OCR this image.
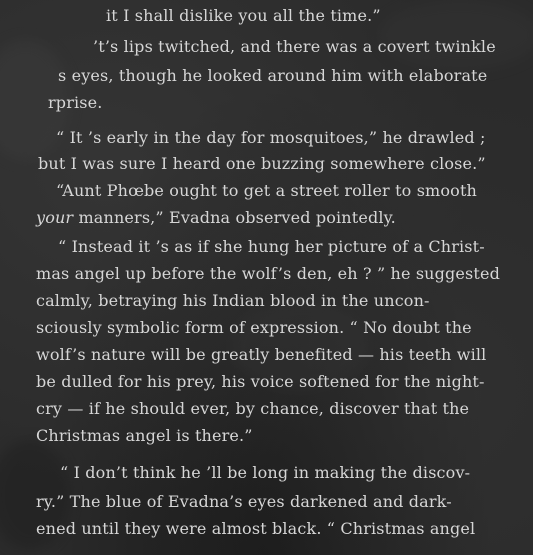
it I shall dislike you all the time.”
’t’s lips twitched, and there was a covert twinkle
s eyes, though he looked around him with elaborate
rprise.
“ It ’s early in the day for mosquitoes,” he drawled ;
but I was sure I heard one buzzing somewhere close.”
“Aunt Phœbe ought to get a street roller to smooth
your manners,” Evadna observed pointedly.
“ Instead it ’s as if she hung her picture of a Christ-
mas angel up before the wolf’s den, eh ? ” he suggested
calmly, betraying his Indian blood in the uncon-
sciously symbolic form of expression. “ No doubt the
wolf’s nature will be greatly benefited — his teeth will
be dulled for his prey, his voice softened for the night-
cry — if he should ever, by chance, discover that the
Christmas angel is there.”
“ I don’t think he ’ll be long in making the discov-
ry.” The blue of Evadna’s eyes darkened and dark-
ened until they were almost black. “ Christmas angel
